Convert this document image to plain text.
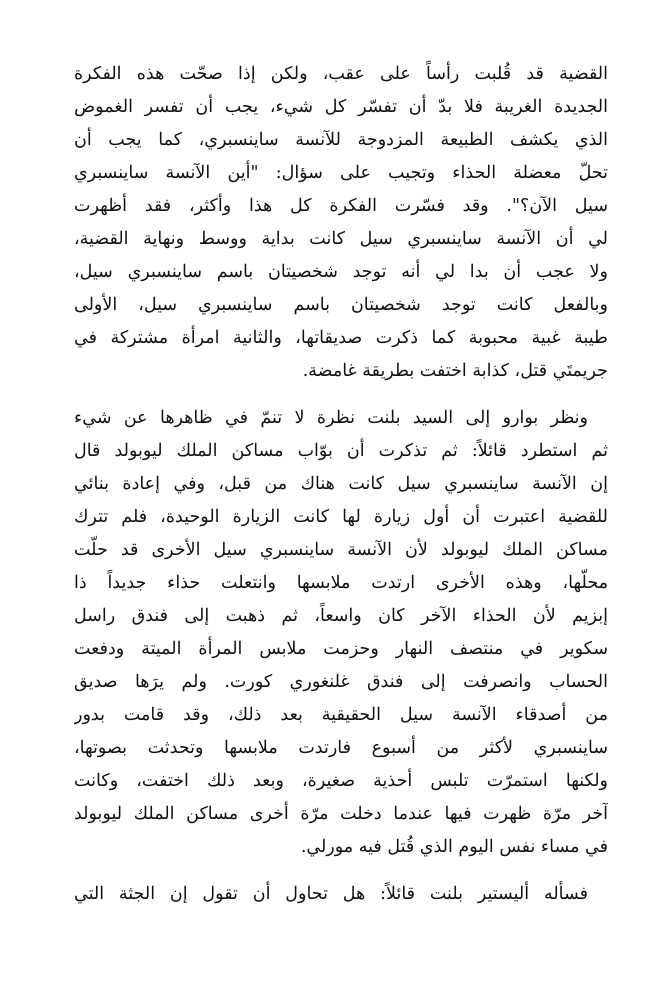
القضية قد قُلبت رأساً على عقب، ولكن إذا صحّت هذه الفكرة
الجديدة الغريبة فلا بدّ أن تفسّر كل شيء، يجب أن تفسر الغموض
الذي يكشف الطبيعة المزدوجة للآنسة ساينسبري، كما يجب أن
تحلّ معضلة الحذاء وتجيب على سؤال: "أين الآنسة ساينسبري
سيل الآن؟". وقد فسّرت الفكرة كل هذا وأكثر، فقد أظهرت
لي أن الآنسة ساينسبري سيل كانت بداية ووسط ونهاية القضية،
ولا عجب أن بدا لي أنه توجد شخصيتان باسم ساينسبري سيل،
وبالفعل كانت توجد شخصيتان باسم ساينسبري سيل، الأولى
طيبة غبية محبوبة كما ذكرت صديقاتها، والثانية امرأة مشتركة في
جريمتَي قتل، كذابة اختفت بطريقة غامضة.
ونظر بوارو إلى السيد بلنت نظرة لا تنمّ في ظاهرها عن شيء
ثم استطرد قائلاً: ثم تذكرت أن بوّاب مساكن الملك ليوبولد قال
إن الآنسة ساينسبري سيل كانت هناك من قبل، وفي إعادة بنائي
للقضية اعتبرت أن أول زيارة لها كانت الزيارة الوحيدة، فلم تترك
مساكن الملك ليوبولد لأن الآنسة ساينسبري سيل الأخرى قد حلّت
محلّها، وهذه الأخرى ارتدت ملابسها وانتعلت حذاء جديداً ذا
إبزيم لأن الحذاء الآخر كان واسعاً، ثم ذهبت إلى فندق راسل
سكوير في منتصف النهار وحزمت ملابس المرأة الميتة ودفعت
الحساب وانصرفت إلى فندق غلنغوري كورت. ولم يرَها صديق
من أصدقاء الآنسة سيل الحقيقية بعد ذلك، وقد قامت بدور
ساينسبري لأكثر من أسبوع فارتدت ملابسها وتحدثت بصوتها،
ولكنها استمرّت تلبس أحذية صغيرة، وبعد ذلك اختفت، وكانت
آخر مرّة ظهرت فيها عندما دخلت مرّة أخرى مساكن الملك ليوبولد
في مساء نفس اليوم الذي قُتل فيه مورلي.
فسأله أليستير بلنت قائلاً: هل تحاول أن تقول إن الجثة التي
